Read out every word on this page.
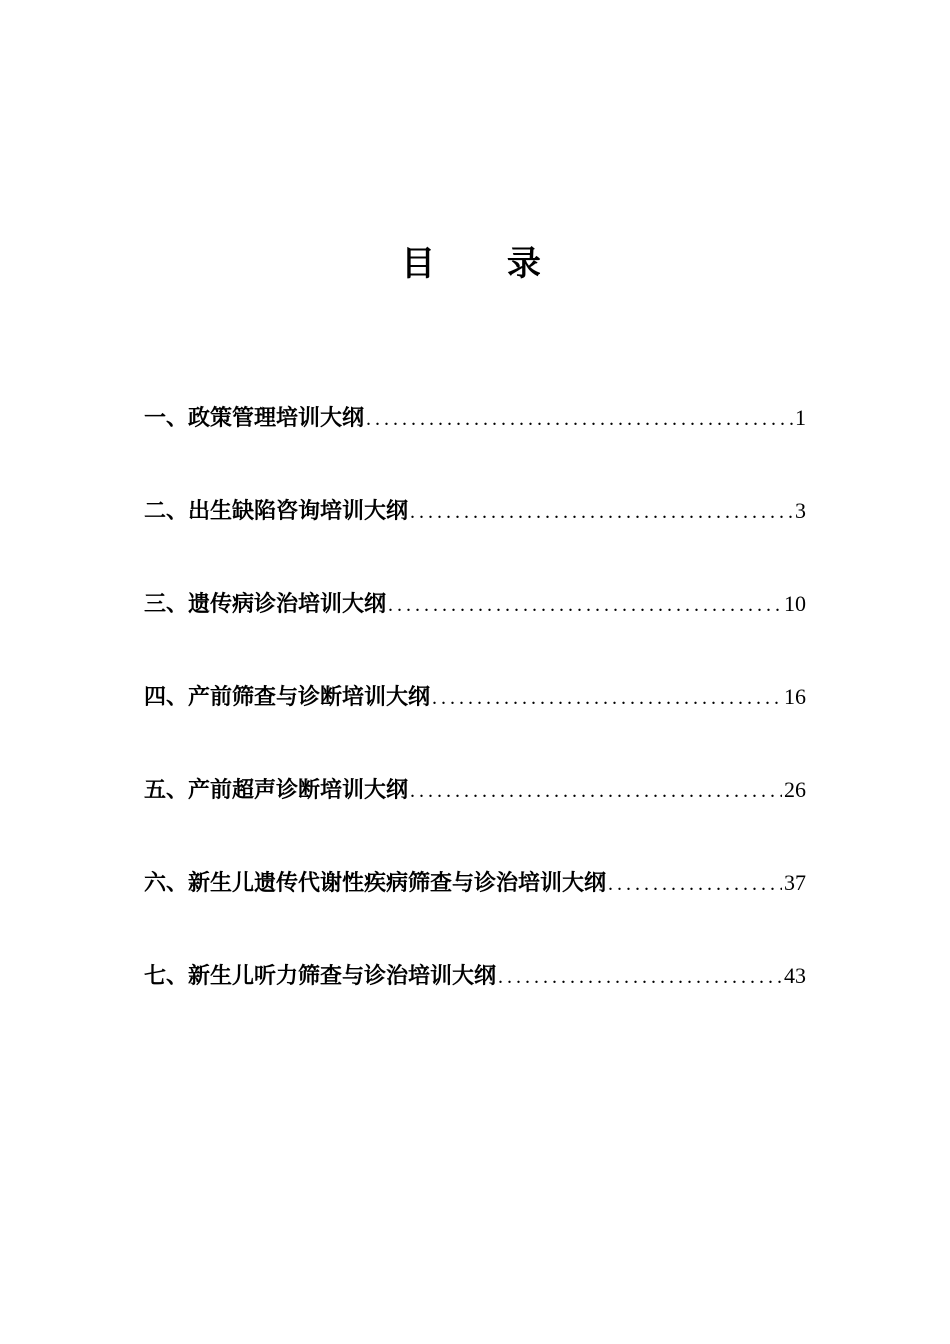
目 录
一、政策管理培训大纲 .....	1
二、出生缺陷咨询培训大纲 .....	3
三、遗传病诊治培训大纲 .....	10
四、产前筛查与诊断培训大纲 .....	16
五、产前超声诊断培训大纲 .....	26
六、新生儿遗传代谢性疾病筛查与诊治培训大纲 .....	37
七、新生儿听力筛查与诊治培训大纲 .....	43
